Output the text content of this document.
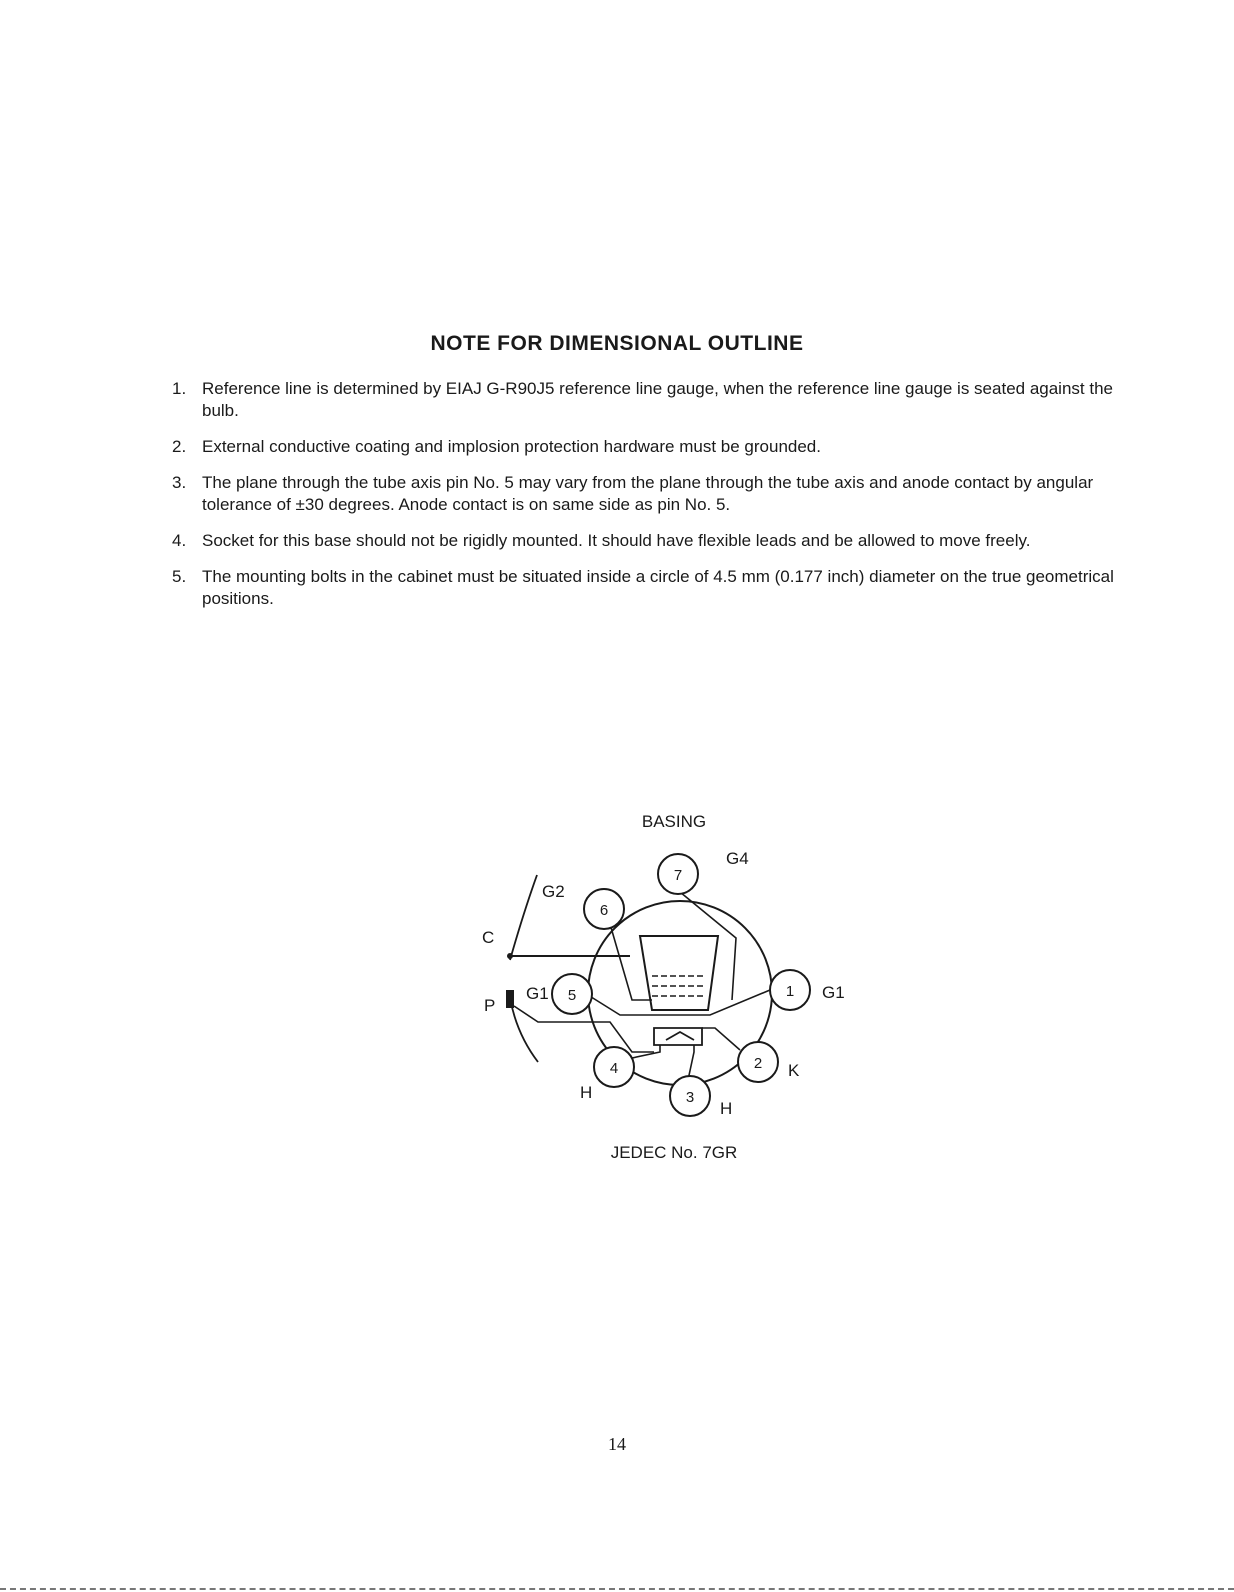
NOTE FOR DIMENSIONAL OUTLINE
1. Reference line is determined by EIAJ G-R90J5 reference line gauge, when the reference line gauge is seated against the bulb.
2. External conductive coating and implosion protection hardware must be grounded.
3. The plane through the tube axis pin No. 5 may vary from the plane through the tube axis and anode contact by angular tolerance of ±30 degrees. Anode contact is on same side as pin No. 5.
4. Socket for this base should not be rigidly mounted. It should have flexible leads and be allowed to move freely.
5. The mounting bolts in the cabinet must be situated inside a circle of 4.5 mm (0.177 inch) diameter on the true geometrical positions.
BASING
JEDEC No. 7GR
7
6
5
4
3
2
1
G4
G2
G1
H
H
K
G1
C
P
14
